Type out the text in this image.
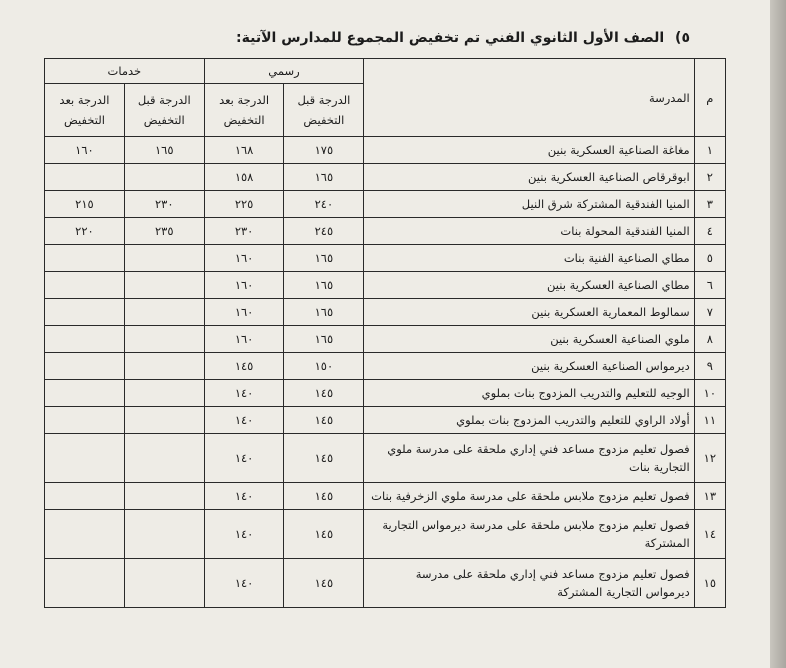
٥) الصف الأول الثانوي الفني تم تخفيض المجموع للمدارس الآتية:
م	المدرسة	رسمي		خدمات	
		الدرجة قبل التخفيض	الدرجة بعد التخفيض	الدرجة قبل التخفيض	الدرجة بعد التخفيض
١	مغاغة الصناعية العسكرية بنين	١٧٥	١٦٨	١٦٥	١٦٠
٢	ابوقرقاص الصناعية العسكرية بنين	١٦٥	١٥٨		
٣	المنيا الفندقية المشتركة شرق النيل	٢٤٠	٢٢٥	٢٣٠	٢١٥
٤	المنيا الفندقية المحولة بنات	٢٤٥	٢٣٠	٢٣٥	٢٢٠
٥	مطاي الصناعية الفنية بنات	١٦٥	١٦٠		
٦	مطاي الصناعية العسكرية بنين	١٦٥	١٦٠		
٧	سمالوط المعمارية العسكرية بنين	١٦٥	١٦٠		
٨	ملوي الصناعية العسكرية بنين	١٦٥	١٦٠		
٩	ديرمواس الصناعية العسكرية بنين	١٥٠	١٤٥		
١٠	الوجيه للتعليم والتدريب المزدوج بنات بملوي	١٤٥	١٤٠		
١١	أولاد الراوي للتعليم والتدريب المزدوج بنات بملوي	١٤٥	١٤٠		
١٢	فصول تعليم مزدوج مساعد فني إداري ملحقة على مدرسة ملوي التجارية بنات	١٤٥	١٤٠		
١٣	فصول تعليم مزدوج ملابس ملحقة على مدرسة ملوي الزخرفية بنات	١٤٥	١٤٠		
١٤	فصول تعليم مزدوج ملابس ملحقة على مدرسة ديرمواس التجارية المشتركة	١٤٥	١٤٠		
١٥	فصول تعليم مزدوج مساعد فني إداري ملحقة على مدرسة ديرمواس التجارية المشتركة	١٤٥	١٤٠		
